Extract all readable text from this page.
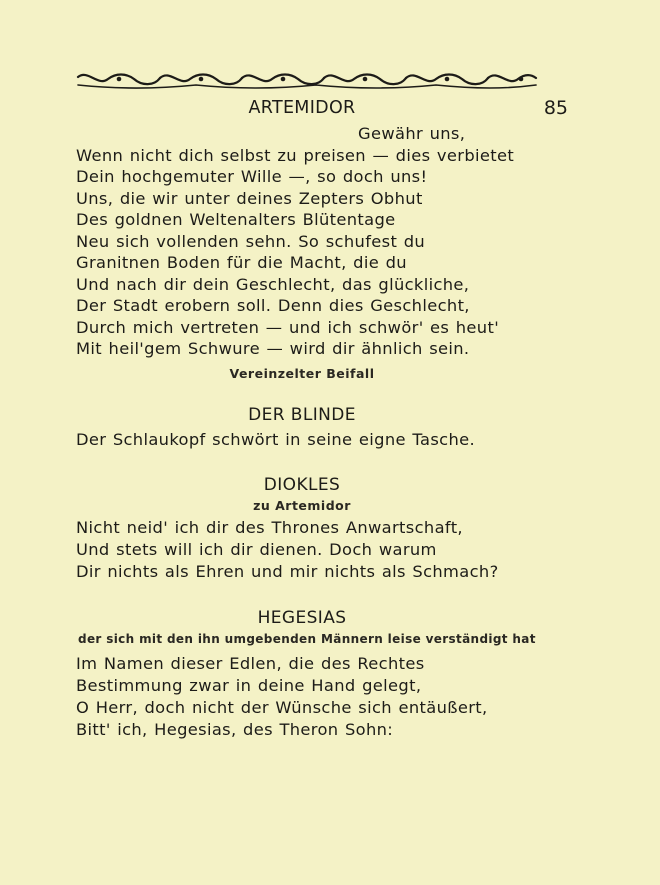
ARTEMIDOR	85
Gewähr uns,
Wenn nicht dich selbst zu preisen — dies verbietet
Dein hochgemuter Wille —, so doch uns!
Uns, die wir unter deines Zepters Obhut
Des goldnen Weltenalters Blütentage
Neu sich vollenden sehn. So schufest du
Granitnen Boden für die Macht, die du
Und nach dir dein Geschlecht, das glückliche,
Der Stadt erobern soll. Denn dies Geschlecht,
Durch mich vertreten — und ich schwör' es heut'
Mit heil'gem Schwure — wird dir ähnlich sein.
Vereinzelter Beifall
DER BLINDE
Der Schlaukopf schwört in seine eigne Tasche.
DIOKLES
zu Artemidor
Nicht neid' ich dir des Thrones Anwartschaft,
Und stets will ich dir dienen. Doch warum
Dir nichts als Ehren und mir nichts als Schmach?
HEGESIAS
der sich mit den ihn umgebenden Männern leise verständigt hat
Im Namen dieser Edlen, die des Rechtes
Bestimmung zwar in deine Hand gelegt,
O Herr, doch nicht der Wünsche sich entäußert,
Bitt' ich, Hegesias, des Theron Sohn:
